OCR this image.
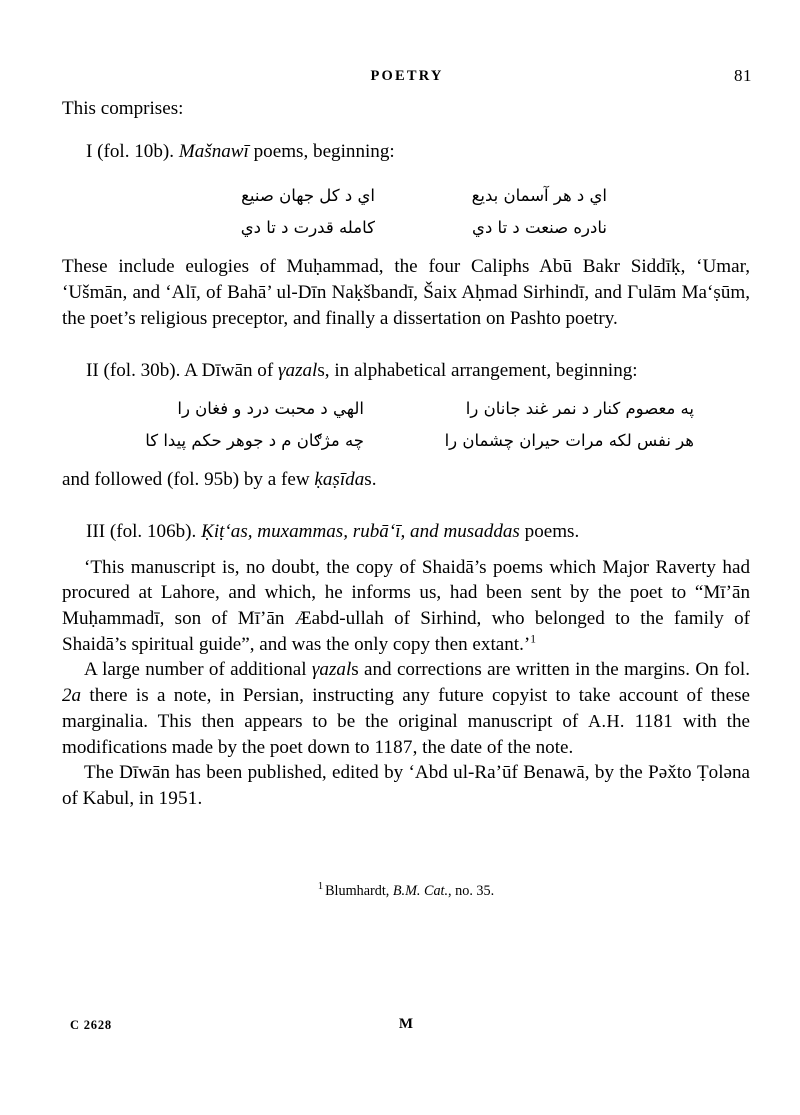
POETRY	81

This comprises:

I (fol. 10b). Mašnawī poems, beginning:

اي د هر آسمان بديع
اي د کل جهان صنيع
نادره صنعت د تا دي
کامله قدرت د تا دي

These include eulogies of Muḥammad, the four Caliphs Abū Bakr Siddīḳ, ‘Umar, ‘Ušmān, and ‘Alī, of Bahā’ ul-Dīn Naḳšbandī, Šaix Aḥmad Sirhindī, and Γulām Ma‘ṣūm, the poet’s religious preceptor, and finally a dissertation on Pashto poetry.

II (fol. 30b). A Dīwān of γazals, in alphabetical arrangement, beginning:

په معصوم کنار د نمر غند جانان را
الهي د محبت درد و فغان را
هر نفس لکه مرات حيران چشمان را
چه مژګان م د جوهر حکم پيدا کا

and followed (fol. 95b) by a few ḳaṣīdas.

III (fol. 106b). Ḳiṭ‘as, muxammas, rubā‘ī, and musaddas poems.

‘This manuscript is, no doubt, the copy of Shaidā’s poems which Major Raverty had procured at Lahore, and which, he informs us, had been sent by the poet to “Mī’ān Muḥammadī, son of Mī’ān Æabd-ullah of Sirhind, who belonged to the family of Shaidā’s spiritual guide”, and was the only copy then extant.’$^1$

A large number of additional γazals and corrections are written in the margins. On fol. 2a there is a note, in Persian, instructing any future copyist to take account of these marginalia. This then appears to be the original manuscript of A.H. 1181 with the modifications made by the poet down to 1187, the date of the note.

The Dīwān has been published, edited by ‘Abd ul-Ra’ūf Benawā, by the Pəx̌to Ṭoləna of Kabul, in 1951.

$^1$ Blumhardt, B.M. Cat., no. 35.
C 2628	M
